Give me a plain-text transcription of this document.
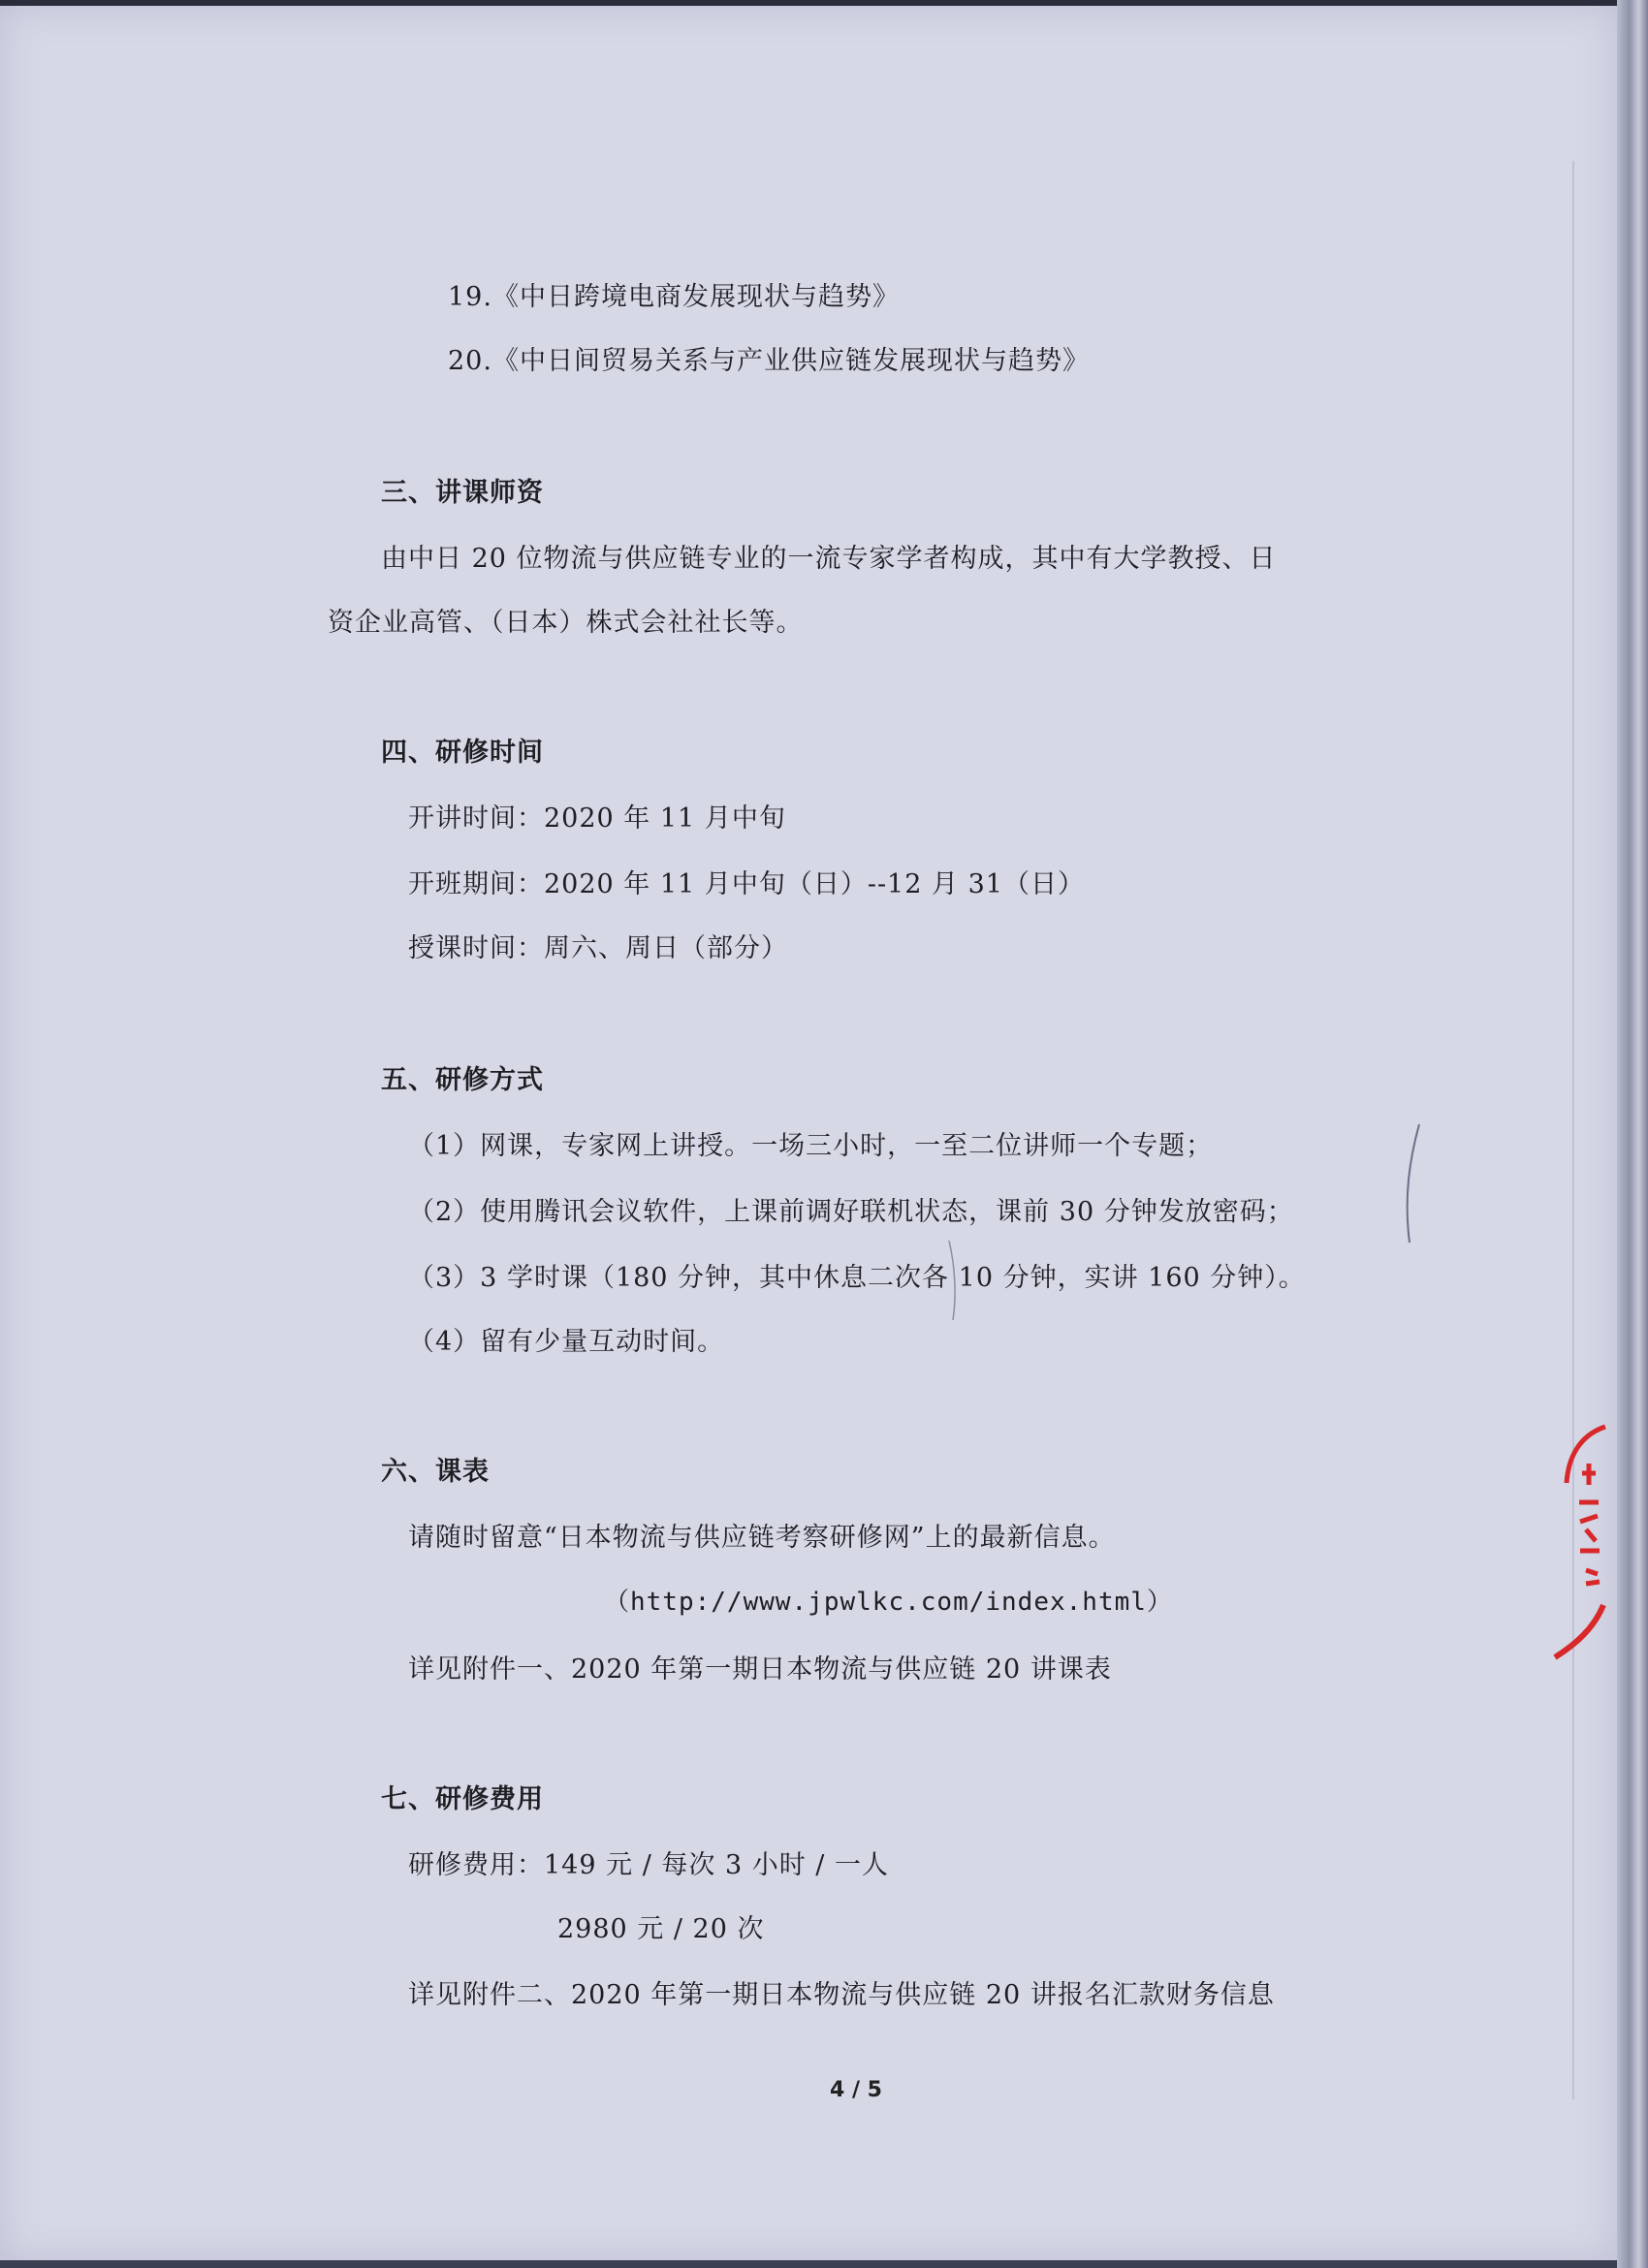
19.《中日跨境电商发展现状与趋势》
20.《中日间贸易关系与产业供应链发展现状与趋势》
三、讲课师资
由中日 20 位物流与供应链专业的一流专家学者构成，其中有大学教授、日
资企业高管、（日本）株式会社社长等。
四、研修时间
开讲时间：2020 年 11 月中旬
开班期间：2020 年 11 月中旬（日）--12 月 31（日）
授课时间：周六、周日（部分）
五、研修方式
（1）网课，专家网上讲授。一场三小时，一至二位讲师一个专题；
（2）使用腾讯会议软件，上课前调好联机状态，课前 30 分钟发放密码；
（3）3 学时课（180 分钟，其中休息二次各 10 分钟，实讲 160 分钟）。
（4）留有少量互动时间。
六、课表
请随时留意“日本物流与供应链考察研修网”上的最新信息。
（http://www.jpwlkc.com/index.html）
详见附件一、2020 年第一期日本物流与供应链 20 讲课表
七、研修费用
研修费用：149 元 / 每次 3 小时 / 一人
2980 元 / 20 次
详见附件二、2020 年第一期日本物流与供应链 20 讲报名汇款财务信息
4 / 5
